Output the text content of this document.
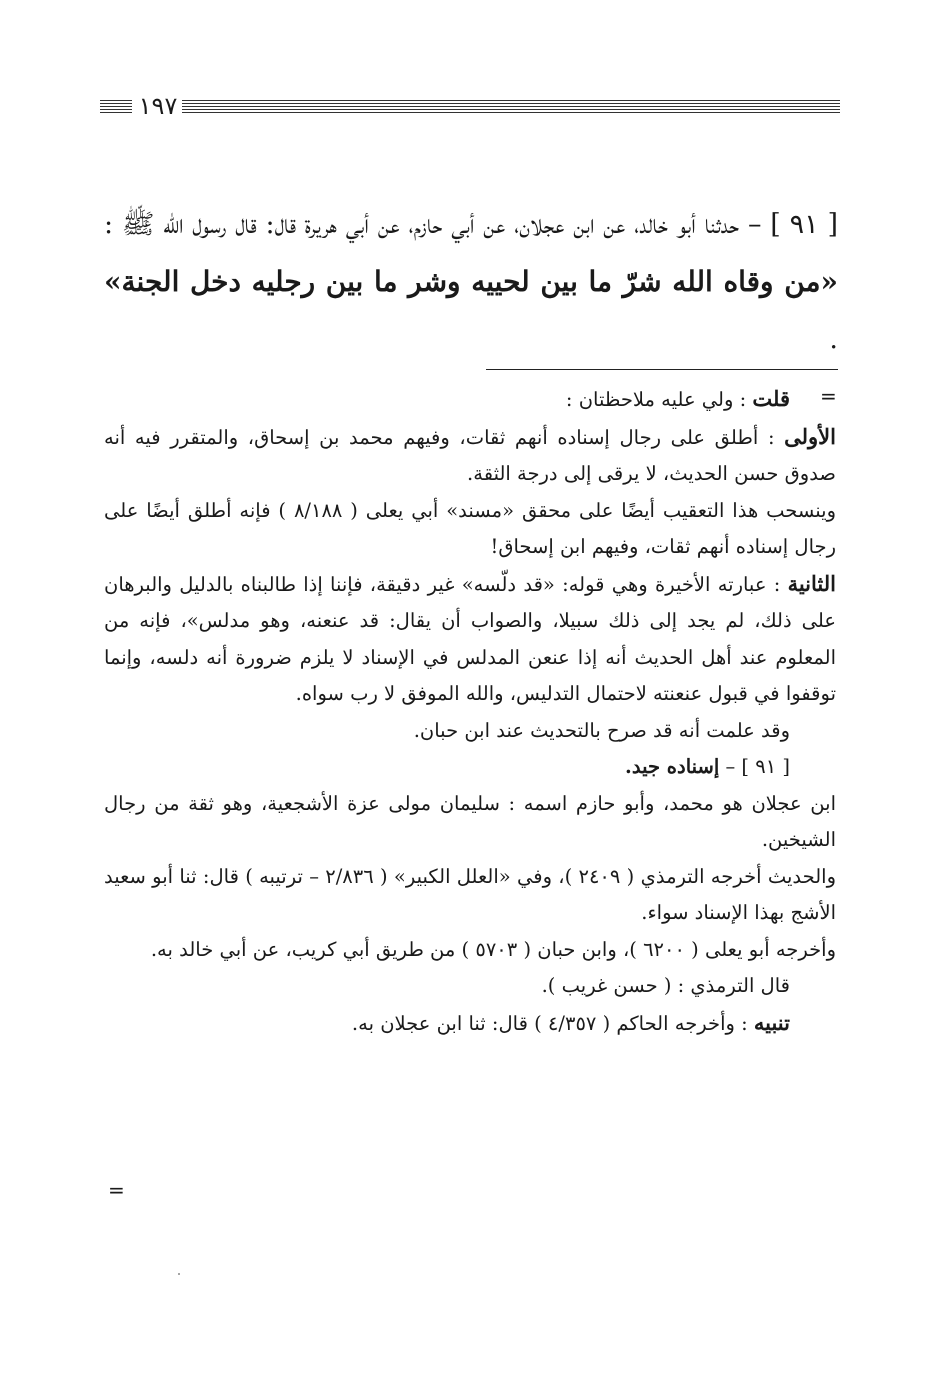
١٩٧
[ ٩١ ] – حدثنا أبو خالد، عن ابن عجلان، عن أبي حازم، عن أبي هريرة قال: قال رسول الله ﷺ : «من وقاه الله شرّ ما بين لحييه وشر ما بين رجليه دخل الجنة» .
=

قلت : ولي عليه ملاحظتان :

الأولى : أطلق على رجال إسناده أنهم ثقات، وفيهم محمد بن إسحاق، والمتقرر فيه أنه صدوق حسن الحديث، لا يرقى إلى درجة الثقة.

وينسحب هذا التعقيب أيضًا على محقق «مسند» أبي يعلى ( ٨/١٨٨ ) فإنه أطلق أيضًا على رجال إسناده أنهم ثقات، وفيهم ابن إسحاق!

الثانية : عبارته الأخيرة وهي قوله: «قد دلّسه» غير دقيقة، فإننا إذا طالبناه بالدليل والبرهان على ذلك، لم يجد إلى ذلك سبيلا، والصواب أن يقال: قد عنعنه، وهو مدلس»، فإنه من المعلوم عند أهل الحديث أنه إذا عنعن المدلس في الإسناد لا يلزم ضرورة أنه دلسه، وإنما توقفوا في قبول عنعنته لاحتمال التدليس، والله الموفق لا رب سواه.

وقد علمت أنه قد صرح بالتحديث عند ابن حبان.

[ ٩١ ] – إسناده جيد.

ابن عجلان هو محمد، وأبو حازم اسمه : سليمان مولى عزة الأشجعية، وهو ثقة من رجال الشيخين.

والحديث أخرجه الترمذي ( ٢٤٠٩ )، وفي «العلل الكبير» ( ٢/٨٣٦ – ترتيبه ) قال: ثنا أبو سعيد الأشج بهذا الإسناد سواء.

وأخرجه أبو يعلى ( ٦٢٠٠ )، وابن حبان ( ٥٧٠٣ ) من طريق أبي كريب، عن أبي خالد به.

قال الترمذي : ( حسن غريب ).

تنبيه : وأخرجه الحاكم ( ٤/٣٥٧ ) قال: ثنا ابن عجلان به.

=
